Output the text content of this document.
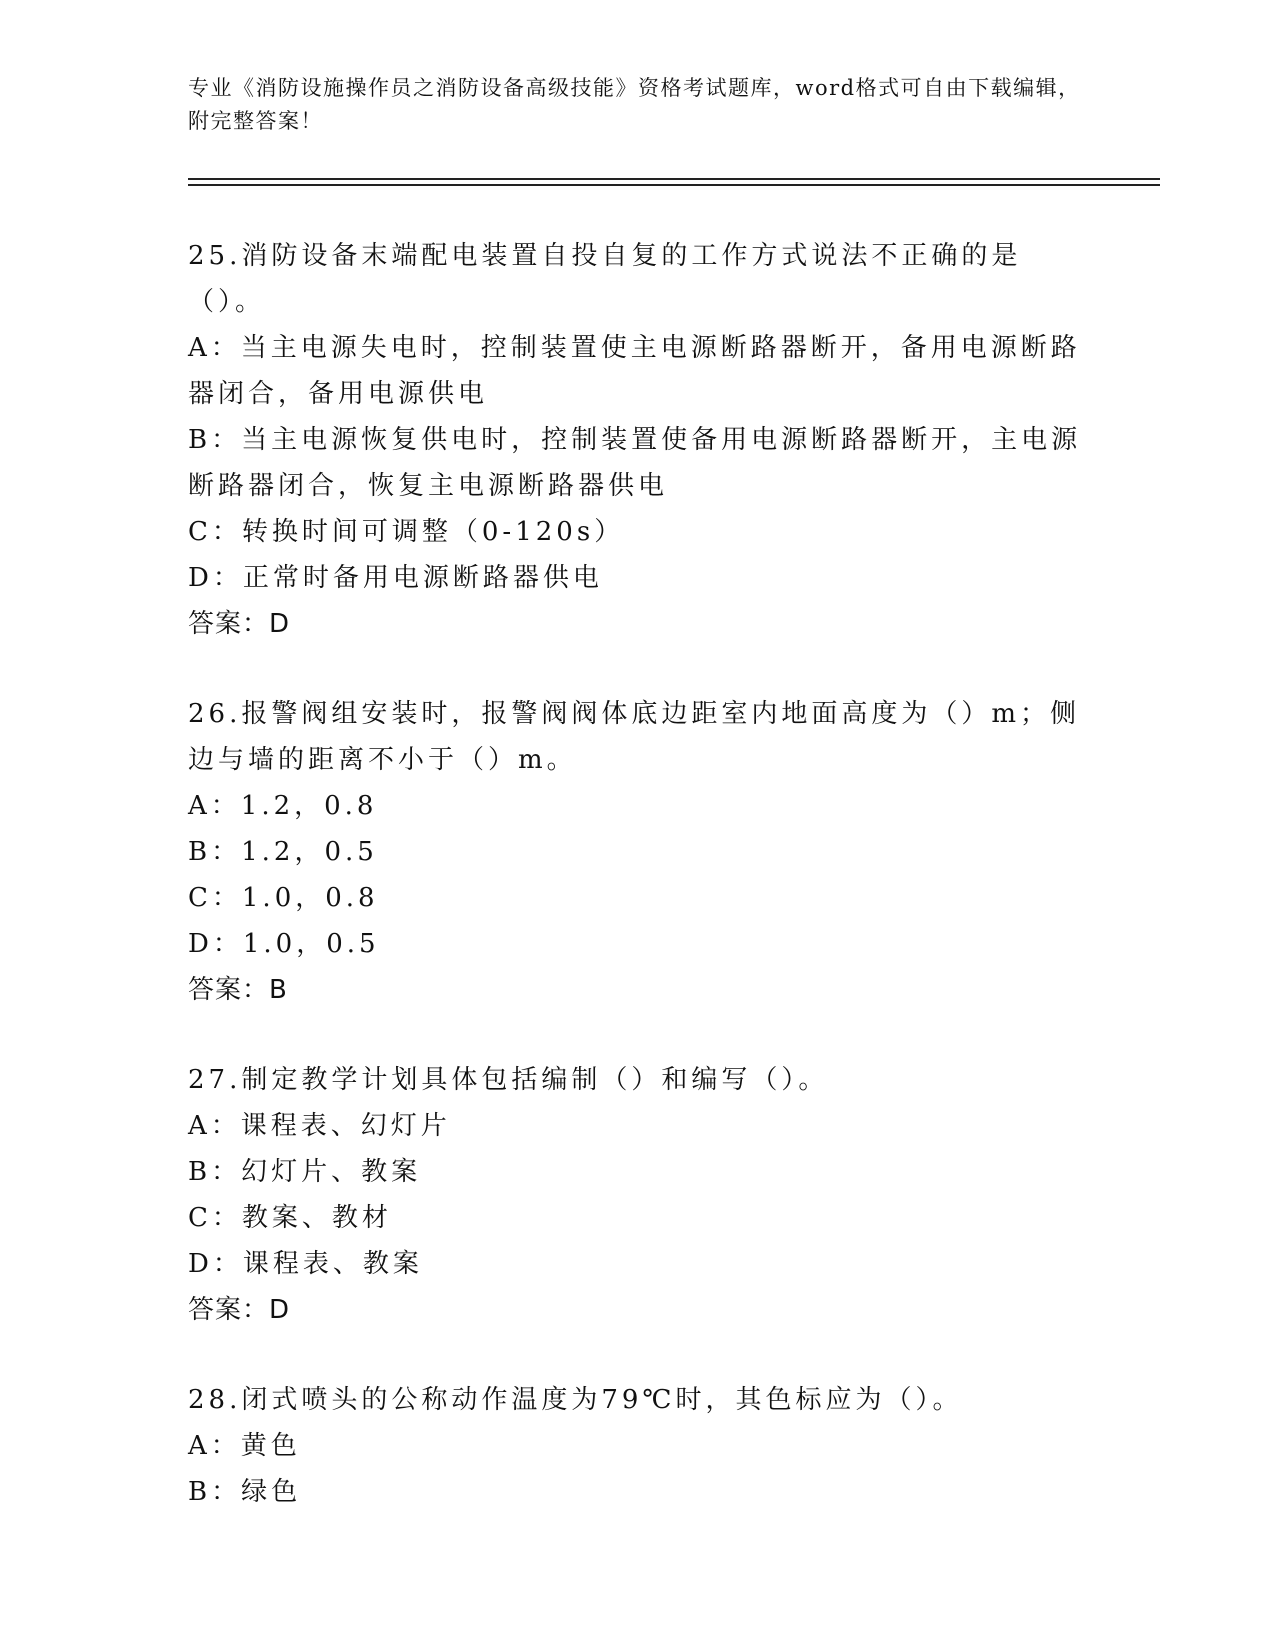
专业《消防设施操作员之消防设备高级技能》资格考试题库，word格式可自由下载编辑，附完整答案！
25.消防设备末端配电装置自投自复的工作方式说法不正确的是（）。
A：当主电源失电时，控制装置使主电源断路器断开，备用电源断路器闭合，备用电源供电
B：当主电源恢复供电时，控制装置使备用电源断路器断开，主电源断路器闭合，恢复主电源断路器供电
C：转换时间可调整（0-120s）
D：正常时备用电源断路器供电
答案：D
26.报警阀组安装时，报警阀阀体底边距室内地面高度为（）m；侧边与墙的距离不小于（）m。
A：1.2，0.8
B：1.2，0.5
C：1.0，0.8
D：1.0，0.5
答案：B
27.制定教学计划具体包括编制（）和编写（）。
A：课程表、幻灯片
B：幻灯片、教案
C：教案、教材
D：课程表、教案
答案：D
28.闭式喷头的公称动作温度为79℃时，其色标应为（）。
A：黄色
B：绿色
